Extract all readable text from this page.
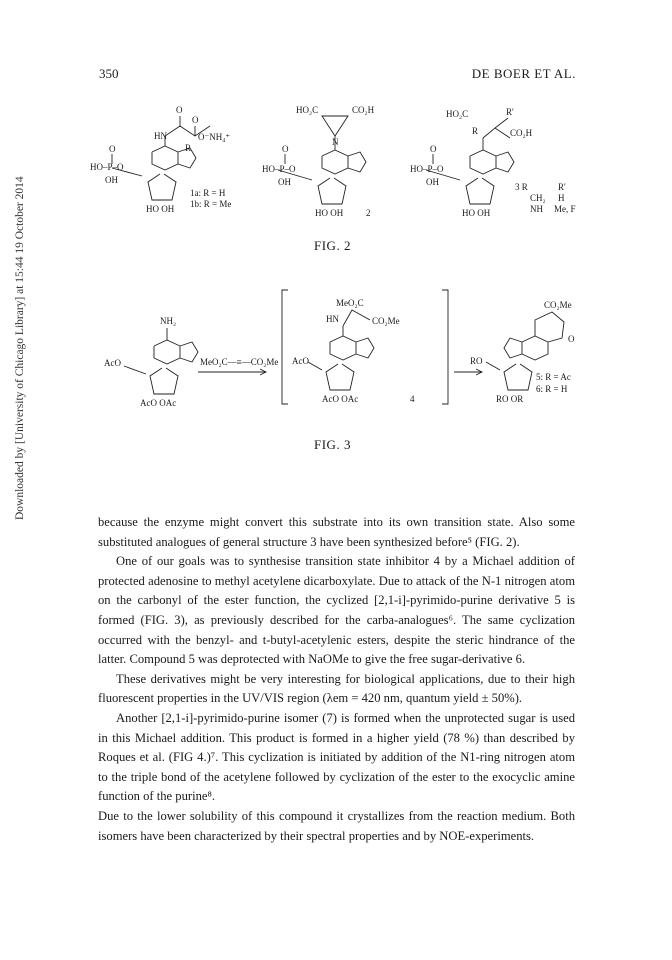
Downloaded by [University of Chicago Library] at 15:44 19 October 2014
350	DE BOER ET AL.
O
O
HN	O⁻NH₄⁺
R
O
HO–P–O
OH
HO OH
1a: R = H
1b: R = Me
HO₂C	CO₂H
N
O
HO–P–O
OH
HO OH	2
HO₂C	R'
R	CO₂H
O
HO–P–O
OH
HO OH
3 R	R'
CH₂ H
NH Me, F
FIG. 2
NH₂
AcO
AcO OAc
MeO₂C—≡—CO₂Me
MeO₂C
HN	CO₂Me
AcO
AcO OAc	4
CO₂Me
O
RO
RO OR
5: R = Ac
6: R = H
FIG. 3

because the enzyme might convert this substrate into its own transition state. Also some substituted analogues of general structure 3 have been synthesized before⁵ (FIG. 2).

One of our goals was to synthesise transition state inhibitor 4 by a Michael addition of protected adenosine to methyl acetylene dicarboxylate. Due to attack of the N-1 nitrogen atom on the carbonyl of the ester function, the cyclized [2,1-i]-pyrimido-purine derivative 5 is formed (FIG. 3), as previously described for the carba-analogues⁶. The same cyclization occurred with the benzyl- and t-butyl-acetylenic esters, despite the steric hindrance of the latter. Compound 5 was deprotected with NaOMe to give the free sugar-derivative 6.

These derivatives might be very interesting for biological applications, due to their high fluorescent properties in the UV/VIS region (λem = 420 nm, quantum yield ± 50%).

Another [2,1-i]-pyrimido-purine isomer (7) is formed when the unprotected sugar is used in this Michael addition. This product is formed in a higher yield (78 %) than described by Roques et al. (FIG 4.)⁷. This cyclization is initiated by addition of the N1-ring nitrogen atom to the triple bond of the acetylene followed by cyclization of the ester to the exocyclic amine function of the purine⁸.

Due to the lower solubility of this compound it crystallizes from the reaction medium. Both isomers have been characterized by their spectral properties and by NOE-experiments.
